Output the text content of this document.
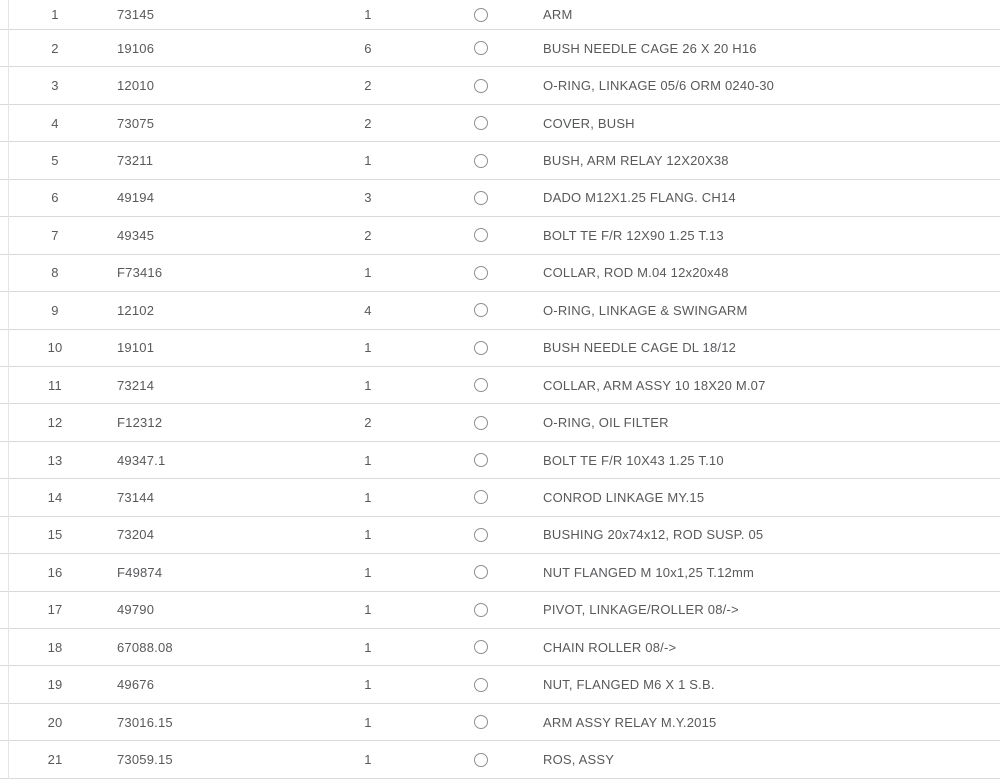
1	73145	1	ARM
2	19106	6	BUSH NEEDLE CAGE 26 X 20 H16
3	12010	2	O-RING, LINKAGE 05/6 ORM 0240-30
4	73075	2	COVER, BUSH
5	73211	1	BUSH, ARM RELAY 12X20X38
6	49194	3	DADO M12X1.25 FLANG. CH14
7	49345	2	BOLT TE F/R 12X90 1.25 T.13
8	F73416	1	COLLAR, ROD M.04 12x20x48
9	12102	4	O-RING, LINKAGE & SWINGARM
10	19101	1	BUSH NEEDLE CAGE DL 18/12
11	73214	1	COLLAR, ARM ASSY 10 18X20 M.07
12	F12312	2	O-RING, OIL FILTER
13	49347.1	1	BOLT TE F/R 10X43 1.25 T.10
14	73144	1	CONROD LINKAGE MY.15
15	73204	1	BUSHING 20x74x12, ROD SUSP. 05
16	F49874	1	NUT FLANGED M 10x1,25 T.12mm
17	49790	1	PIVOT, LINKAGE/ROLLER 08/->
18	67088.08	1	CHAIN ROLLER 08/->
19	49676	1	NUT, FLANGED M6 X 1 S.B.
20	73016.15	1	ARM ASSY RELAY M.Y.2015
21	73059.15	1	ROS, ASSY
